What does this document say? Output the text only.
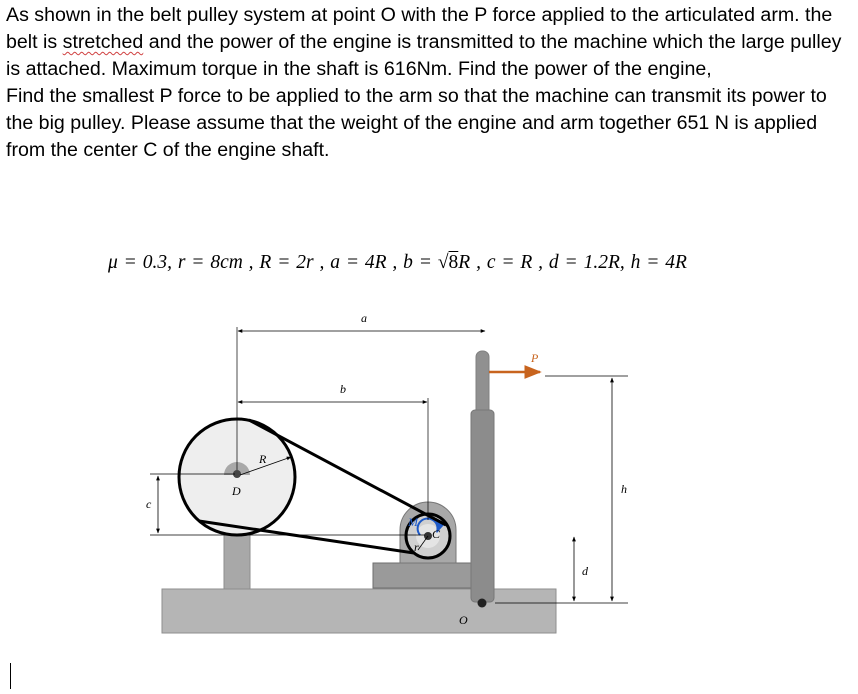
As shown in the belt pulley system at point O with the P force applied to the articulated arm. the belt is stretched and the power of the engine is transmitted to the machine which the large pulley is attached. Maximum torque in the shaft is 616Nm. Find the power of the engine,

Find the smallest P force to be applied to the arm so that the machine can transmit its power to the big pulley. Please assume that the weight of the engine and arm together 651 N is applied from the center C of the engine shaft.

μ = 0.3, r = 8cm , R = 2r , a = 4R , b = √8R , c = R , d = 1.2R, h = 4R
a
b
c
d
h
P
R
D
M
C
r
O
